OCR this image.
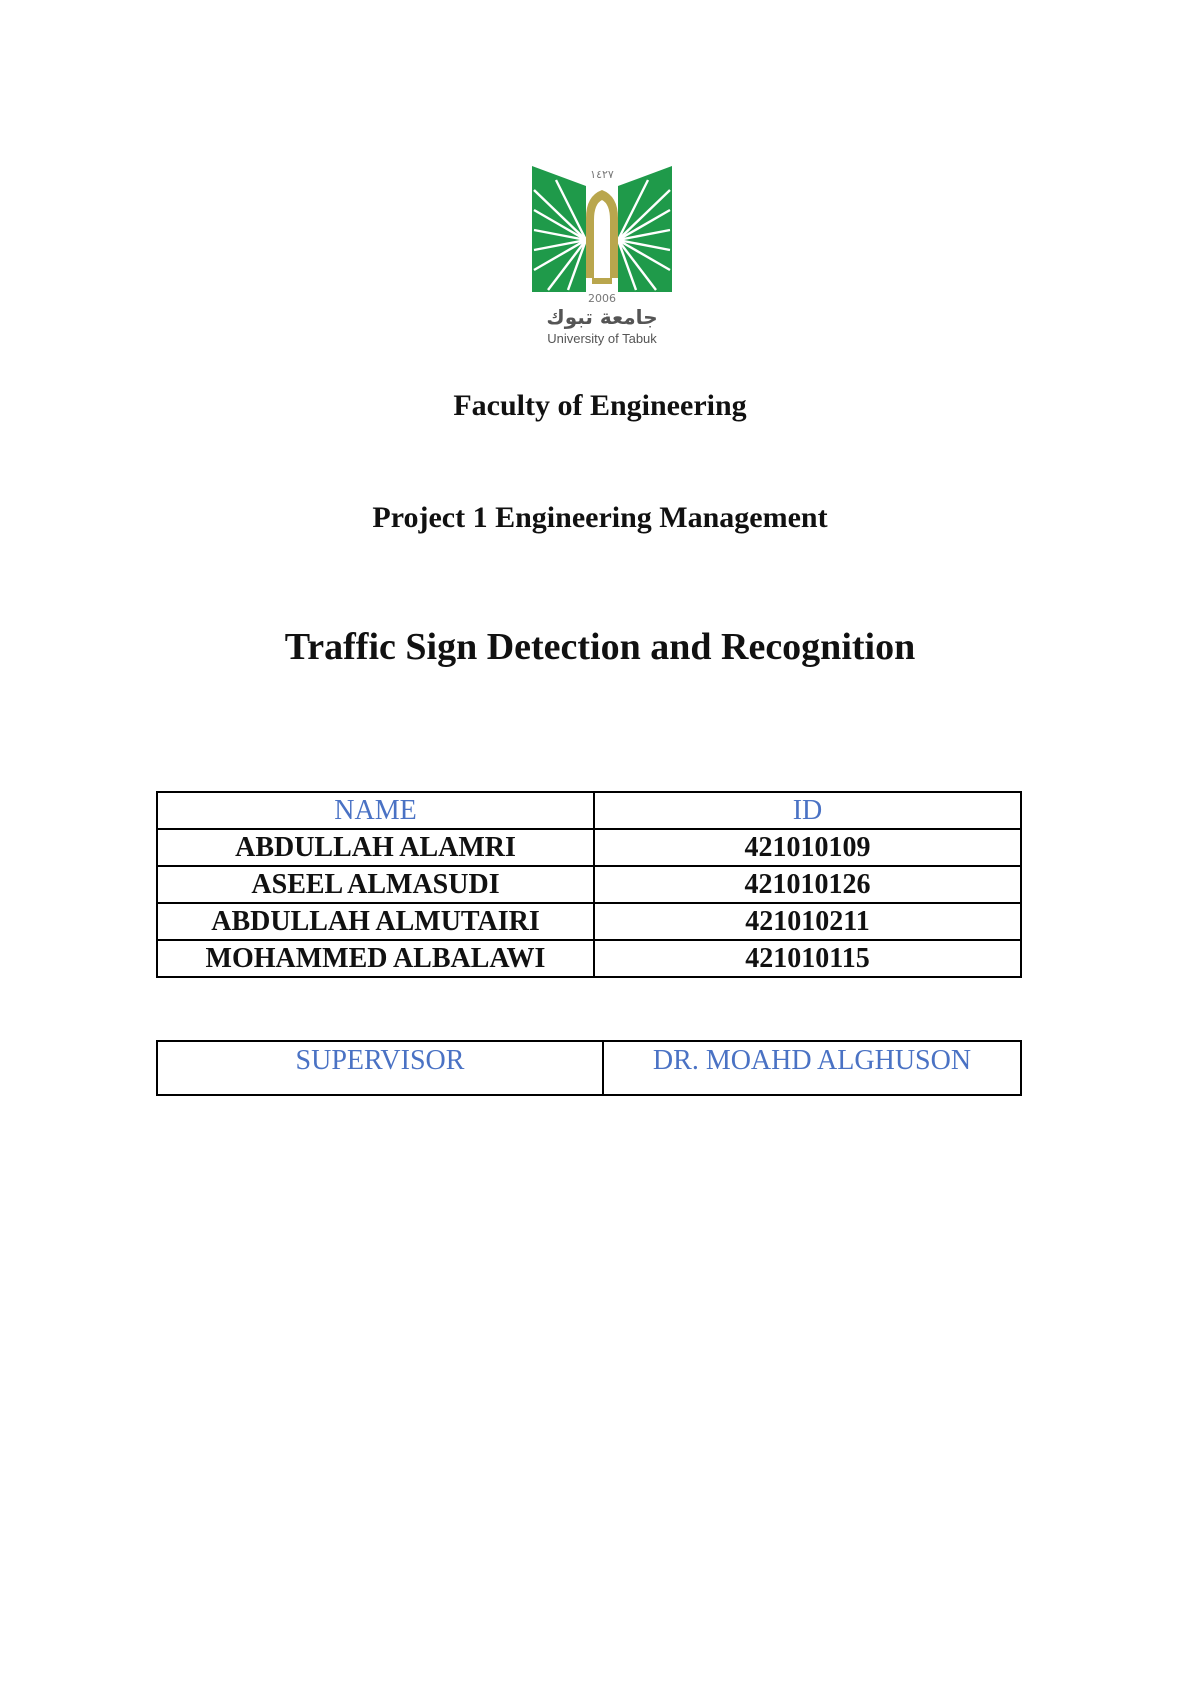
١٤٢٧
2006
جامعة تبوك
University of Tabuk
Faculty of Engineering
Project 1 Engineering Management
Traffic Sign Detection and Recognition
NAME	ID
ABDULLAH ALAMRI	421010109
ASEEL ALMASUDI	421010126
ABDULLAH ALMUTAIRI	421010211
MOHAMMED ALBALAWI	421010115
SUPERVISOR	DR. MOAHD ALGHUSON
